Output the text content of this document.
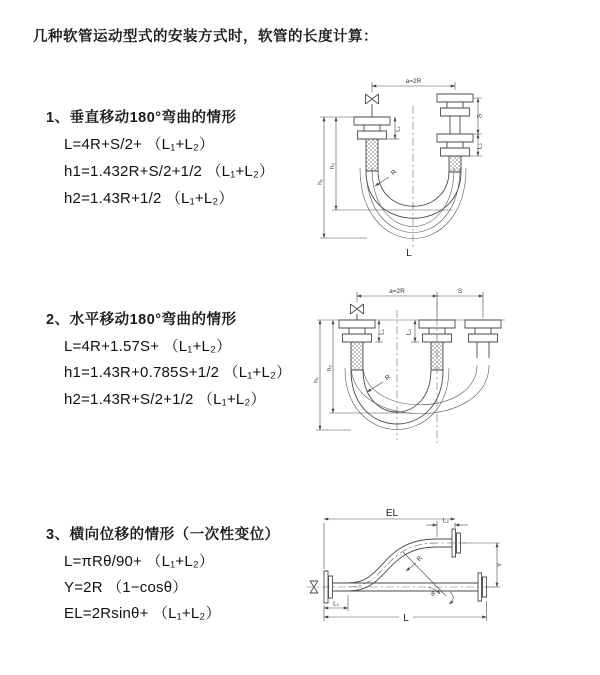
几种软管运动型式的安装方式时，软管的长度计算：
1、垂直移动180°弯曲的情形
L=4R+S/2+ （L₁+L₂）
h1=1.432R+S/2+1/2 （L₁+L₂）
h2=1.43R+1/2 （L₁+L₂）
a=2R
h₁
h₂
L₁
S
L₂
R
L
2、水平移动180°弯曲的情形
L=4R+1.57S+ （L₁+L₂）
h1=1.43R+0.785S+1/2 （L₁+L₂）
h2=1.43R+S/2+1/2 （L₁+L₂）
a=2R	S
h₁
h₂
L₁	L₂
R
3、横向位移的情形（一次性变位）
L=πRθ/90+ （L₁+L₂）
Y=2R （1−cosθ）
EL=2Rsinθ+ （L₁+L₂）
EL
L₂
Y
R
θ
L₁
L
